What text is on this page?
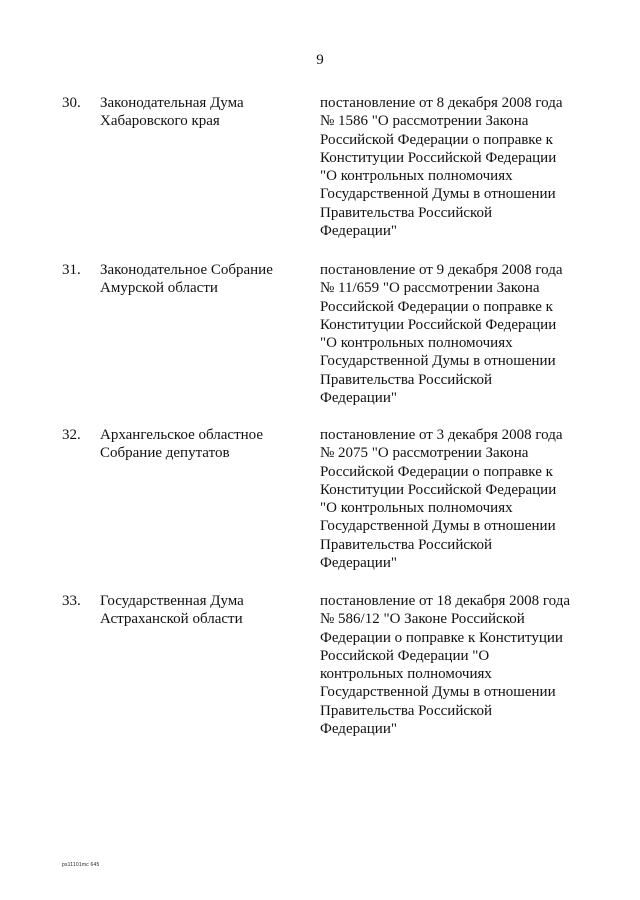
9
30. Законодательная Дума
Хабаровского края
постановление от 8 декабря 2008 года
№ 1586 "О рассмотрении Закона
Российской Федерации о поправке к
Конституции Российской Федерации
"О контрольных полномочиях
Государственной Думы в отношении
Правительства Российской
Федерации"
31. Законодательное Собрание
Амурской области
постановление от 9 декабря 2008 года
№ 11/659 "О рассмотрении Закона
Российской Федерации о поправке к
Конституции Российской Федерации
"О контрольных полномочиях
Государственной Думы в отношении
Правительства Российской
Федерации"
32. Архангельское областное
Собрание депутатов
постановление от 3 декабря 2008 года
№ 2075 "О рассмотрении Закона
Российской Федерации о поправке к
Конституции Российской Федерации
"О контрольных полномочиях
Государственной Думы в отношении
Правительства Российской
Федерации"
33. Государственная Дума
Астраханской области
постановление от 18 декабря 2008 года
№ 586/12 "О Законе Российской
Федерации о поправке к Конституции
Российской Федерации "О
контрольных полномочиях
Государственной Думы в отношении
Правительства Российской
Федерации"
ps11101mc 645
